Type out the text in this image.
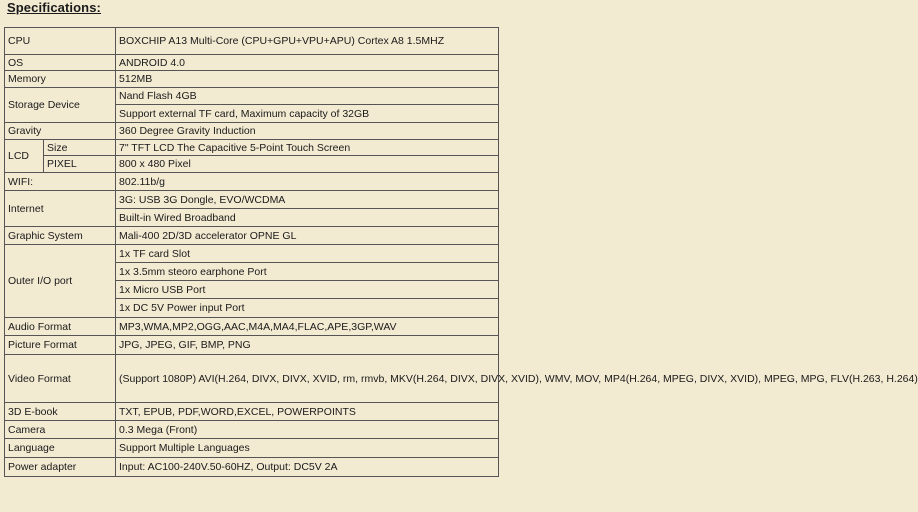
Specifications:
CPU		BOXCHIP A13 Multi-Core (CPU+GPU+VPU+APU) Cortex A8 1.5MHZ
OS		ANDROID 4.0
Memory		512MB
Storage Device		Nand Flash 4GB
		Support external TF card, Maximum capacity of 32GB
Gravity		360 Degree Gravity Induction
LCD	Size	7" TFT LCD The Capacitive 5-Point Touch Screen
	PIXEL	800 x 480 Pixel
WIFI:		802.11b/g
Internet		3G: USB 3G Dongle, EVO/WCDMA
		Built-in Wired Broadband
Graphic System		Mali-400 2D/3D accelerator OPNE GL
Outer I/O port		1x TF card Slot
		1x 3.5mm steoro earphone Port
		1x Micro USB Port
		1x DC 5V Power input Port
Audio Format		MP3,WMA,MP2,OGG,AAC,M4A,MA4,FLAC,APE,3GP,WAV
Picture Format		JPG, JPEG, GIF, BMP, PNG
Video Format		(Support 1080P) AVI(H.264, DIVX, DIVX, XVID, rm, rmvb, MKV(H.264, DIVX, DIVX, XVID), WMV, MOV, MP4(H.264, MPEG, DIVX, XVID), MPEG, MPG, FLV(H.263, H.264)
3D E-book		TXT, EPUB, PDF,WORD,EXCEL, POWERPOINTS
Camera		0.3 Mega (Front)
Language		Support Multiple Languages
Power adapter		Input: AC100-240V.50-60HZ, Output: DC5V 2A
